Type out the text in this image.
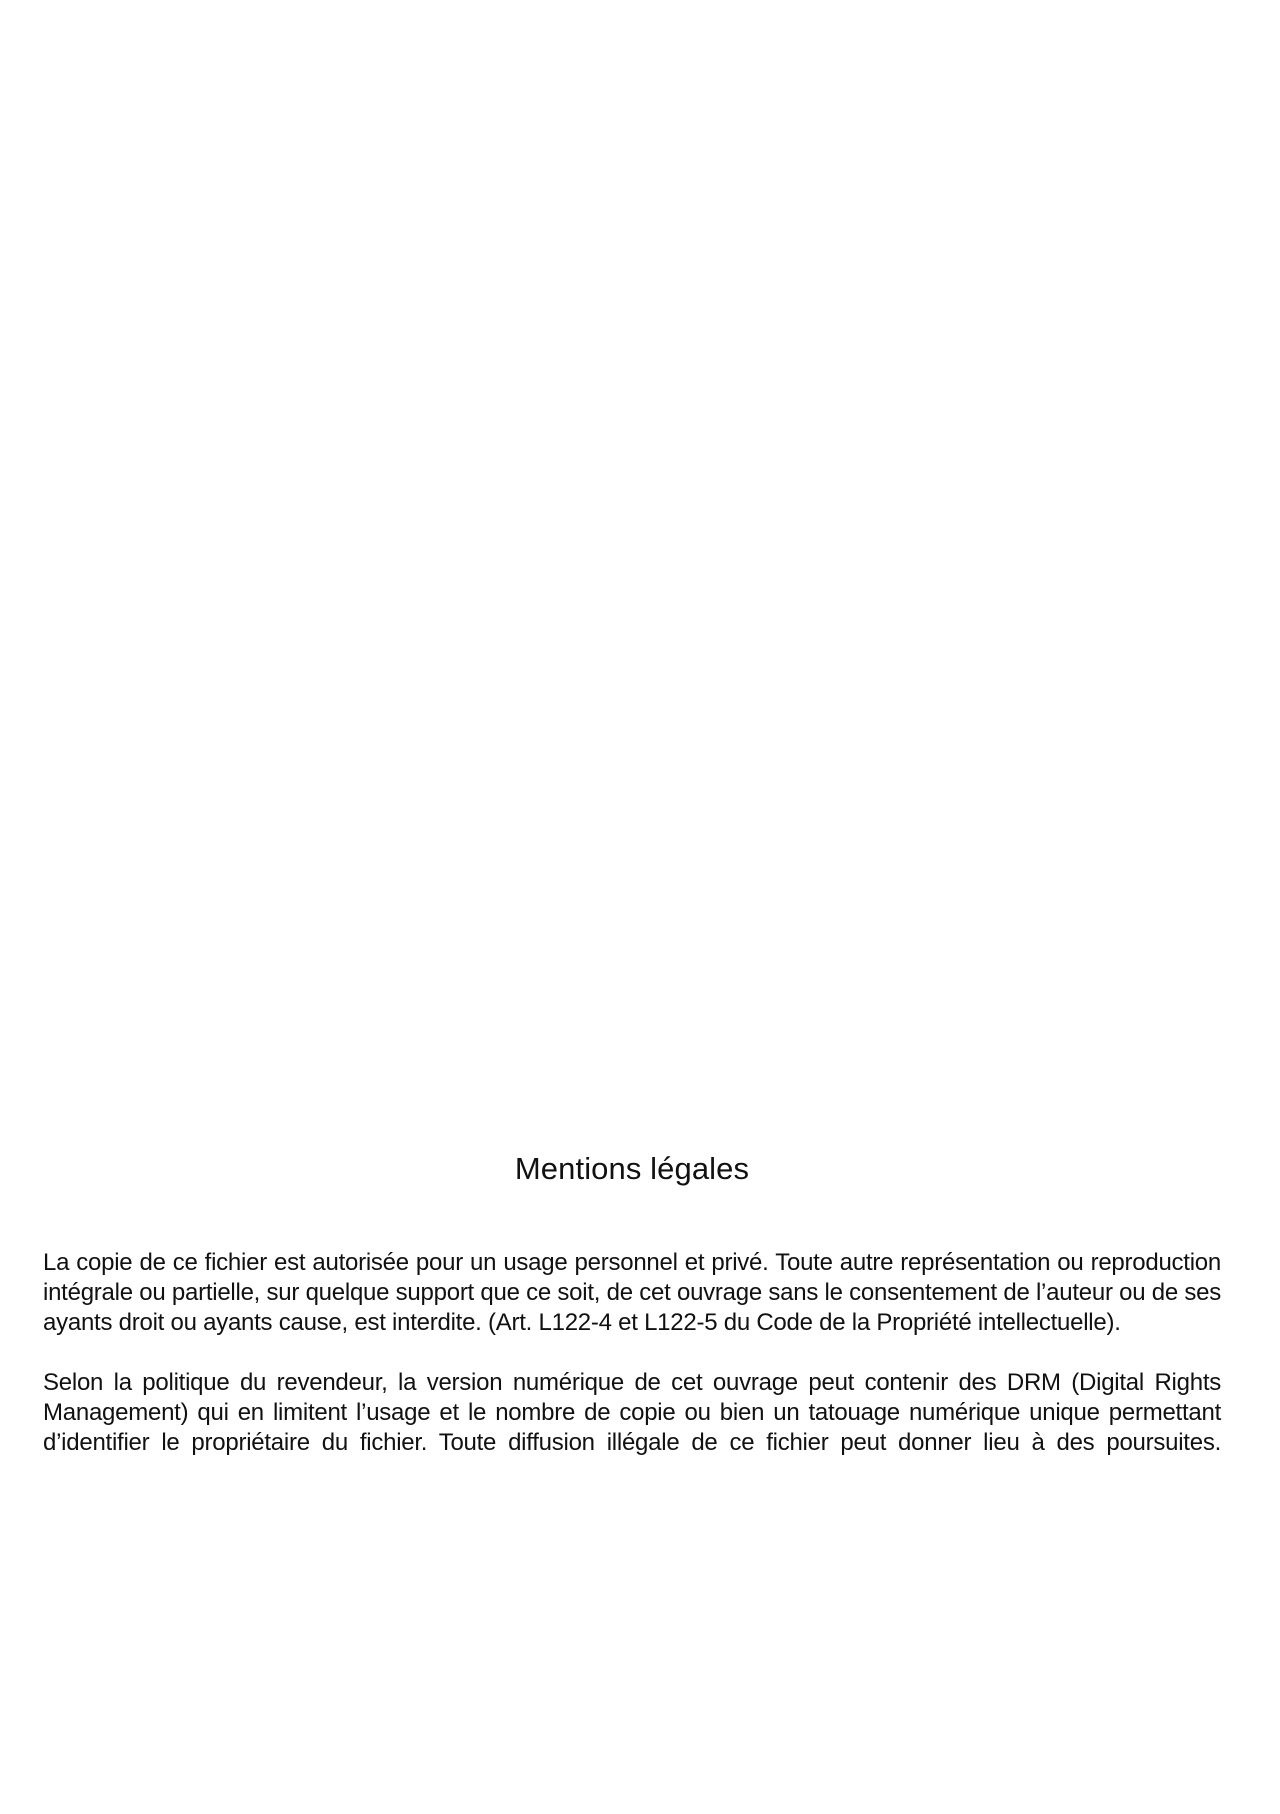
Mentions légales

La copie de ce fichier est autorisée pour un usage personnel et privé. Toute autre représentation ou reproduction intégrale ou partielle, sur quelque support que ce soit, de cet ouvrage sans le consentement de l’auteur ou de ses ayants droit ou ayants cause, est interdite. (Art. L122-4 et L122-5 du Code de la Propriété intellectuelle).

Selon la politique du revendeur, la version numérique de cet ouvrage peut contenir des DRM (Digital Rights Management) qui en limitent l’usage et le nombre de copie ou bien un tatouage numérique unique permettant d’identifier le propriétaire du fichier. Toute diffusion illégale de ce fichier peut donner lieu à des poursuites.
